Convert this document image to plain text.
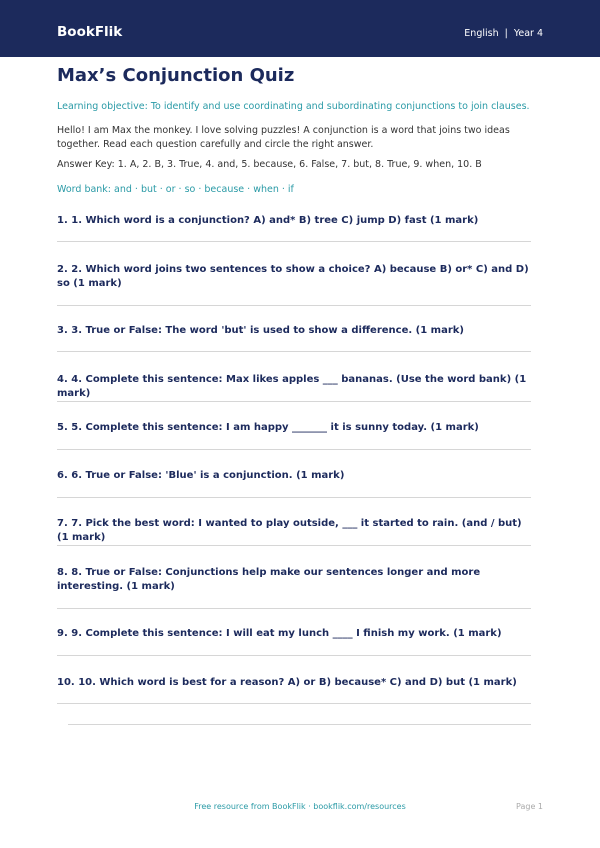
BookFlik	English | Year 4
Max’s Conjunction Quiz
Learning objective: To identify and use coordinating and subordinating conjunctions to join clauses.
Hello! I am Max the monkey. I love solving puzzles! A conjunction is a word that joins two ideas together. Read each question carefully and circle the right answer.
Answer Key: 1. A, 2. B, 3. True, 4. and, 5. because, 6. False, 7. but, 8. True, 9. when, 10. B
Word bank: and · but · or · so · because · when · if
1. 1. Which word is a conjunction? A) and* B) tree C) jump D) fast (1 mark)
2. 2. Which word joins two sentences to show a choice? A) because B) or* C) and D) so (1 mark)
3. 3. True or False: The word 'but' is used to show a difference. (1 mark)
4. 4. Complete this sentence: Max likes apples ___ bananas. (Use the word bank) (1 mark)
5. 5. Complete this sentence: I am happy _______ it is sunny today. (1 mark)
6. 6. True or False: 'Blue' is a conjunction. (1 mark)
7. 7. Pick the best word: I wanted to play outside, ___ it started to rain. (and / but) (1 mark)
8. 8. True or False: Conjunctions help make our sentences longer and more interesting. (1 mark)
9. 9. Complete this sentence: I will eat my lunch ____ I finish my work. (1 mark)
10. 10. Which word is best for a reason? A) or B) because* C) and D) but (1 mark)
Free resource from BookFlik · bookflik.com/resources	Page 1
